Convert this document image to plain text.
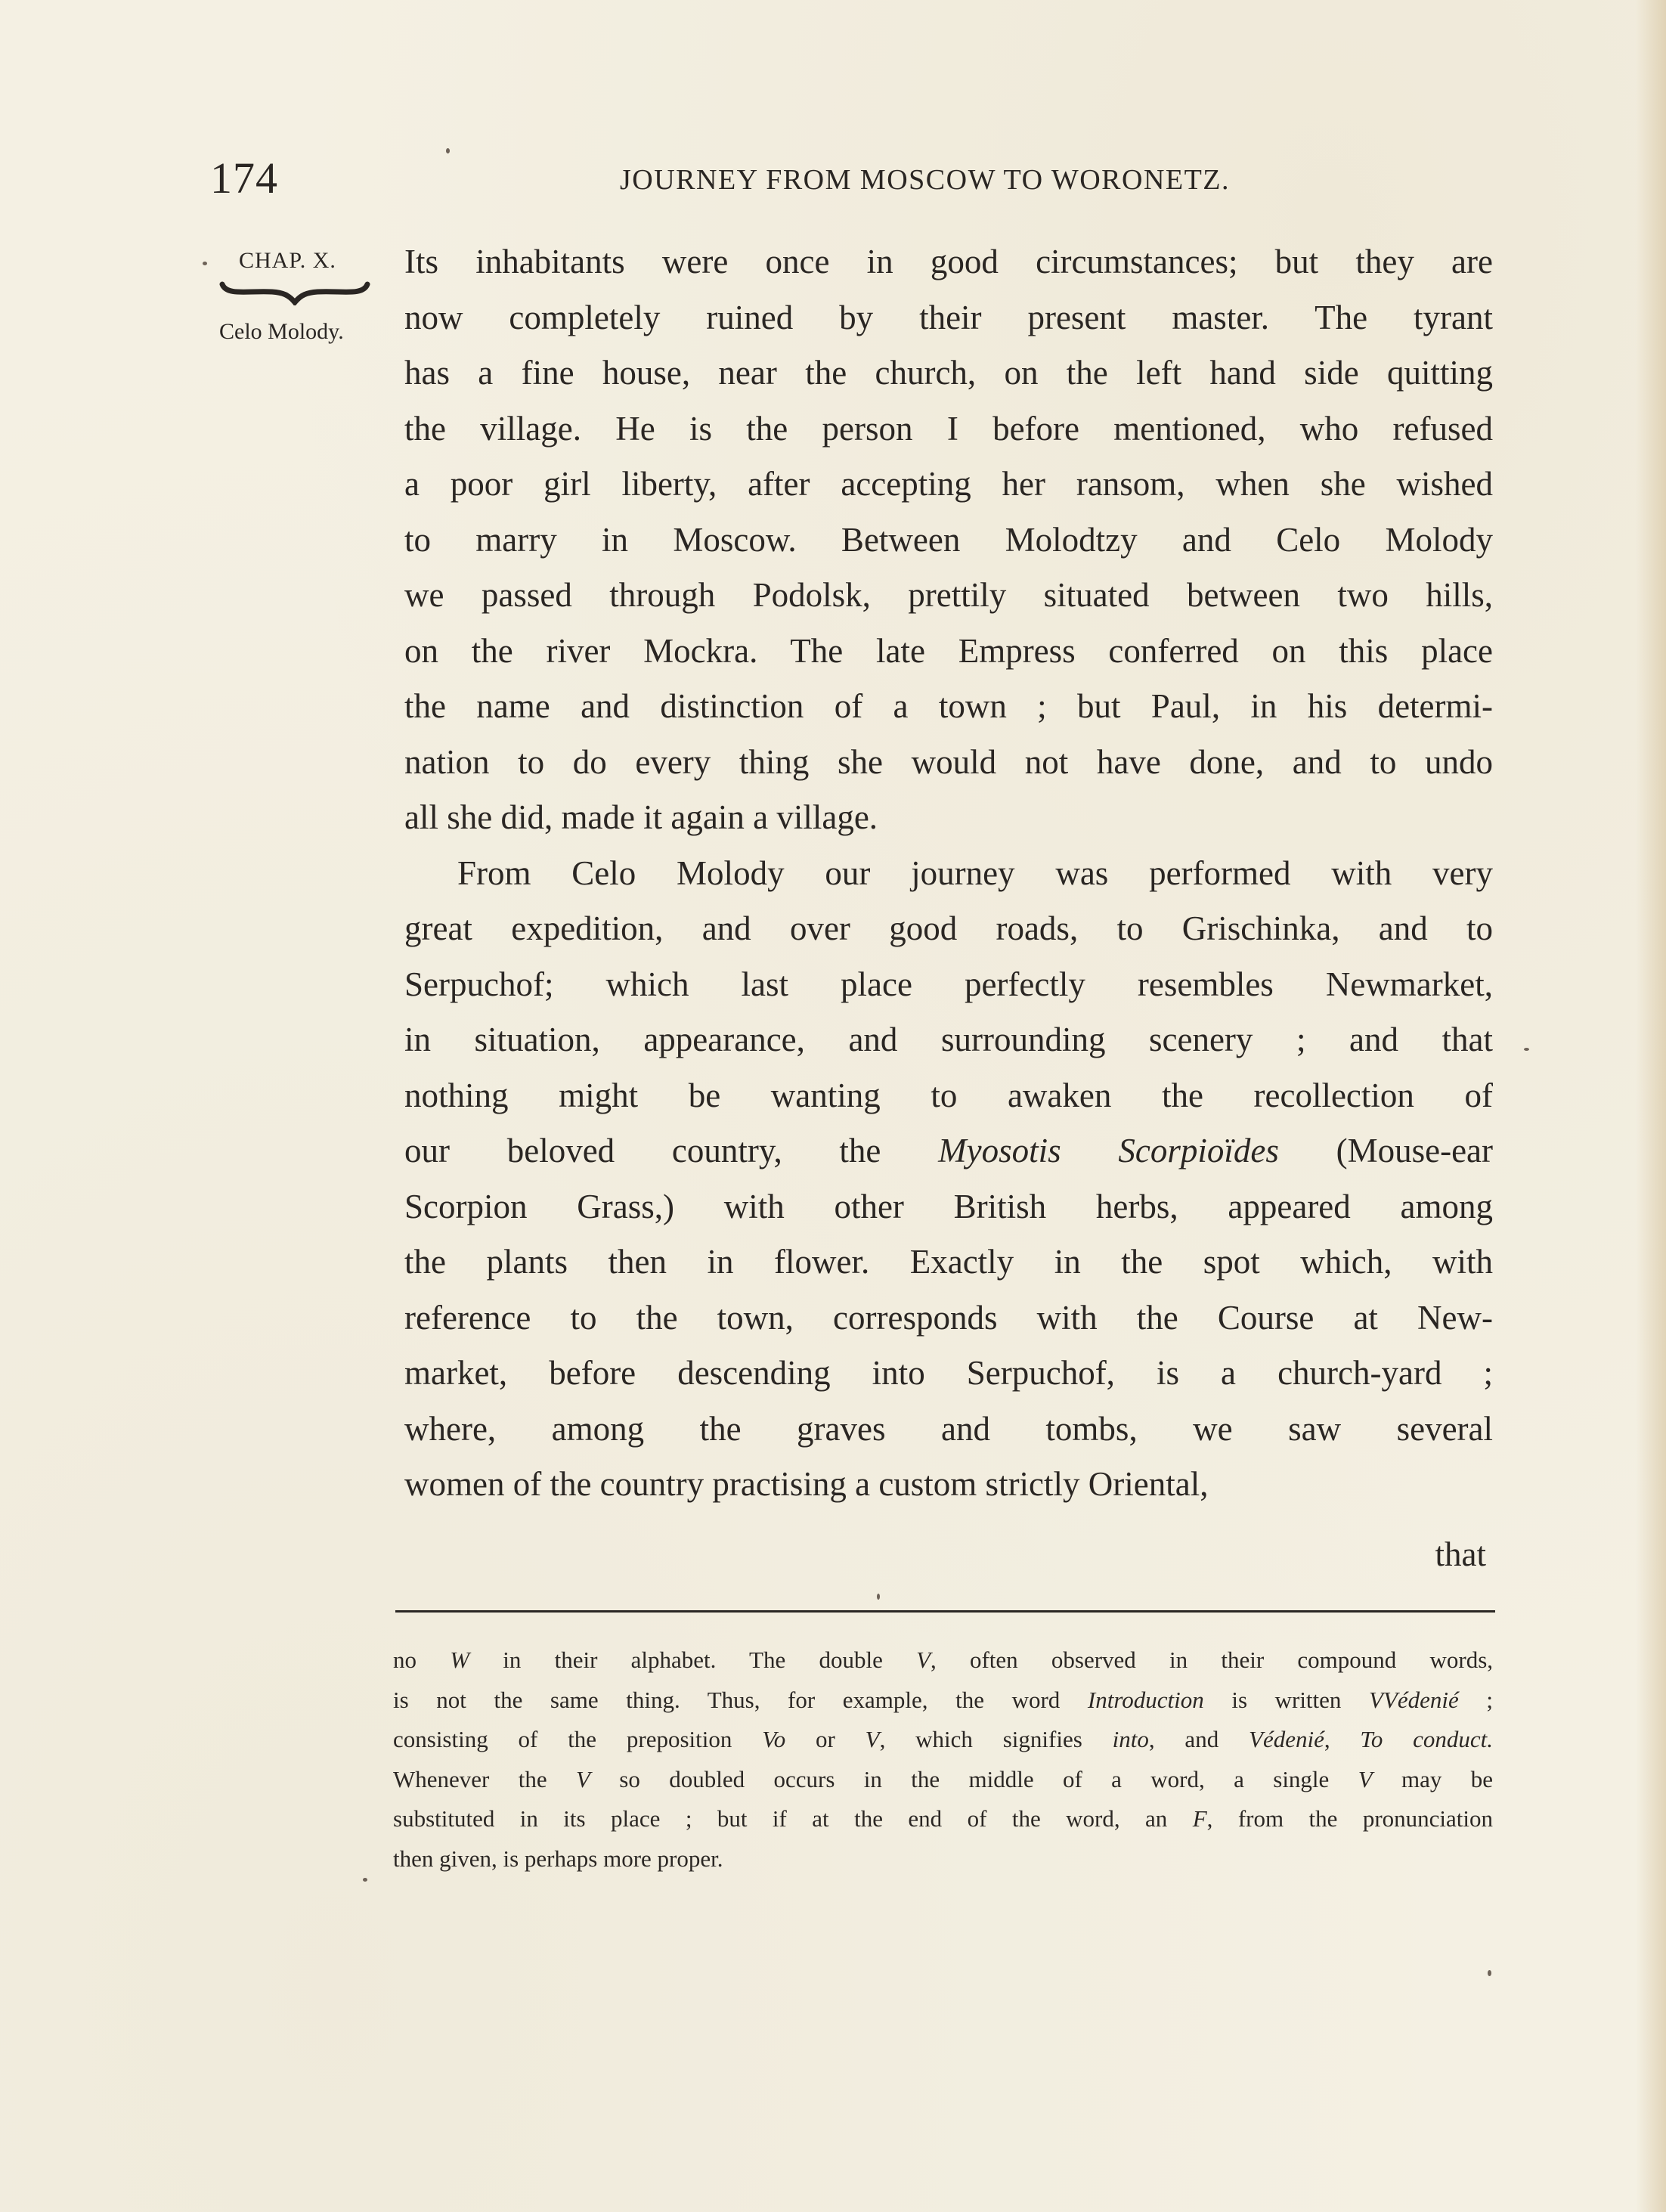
174	JOURNEY FROM MOSCOW TO WORONETZ.
CHAP. X.
Celo Molody.
Its inhabitants were once in good circumstances; but they are
now completely ruined by their present master. The tyrant
has a fine house, near the church, on the left hand side quitting
the village. He is the person I before mentioned, who refused
a poor girl liberty, after accepting her ransom, when she wished
to marry in Moscow. Between Molodtzy and Celo Molody
we passed through Podolsk, prettily situated between two hills,
on the river Mockra. The late Empress conferred on this place
the name and distinction of a town ; but Paul, in his determi-
nation to do every thing she would not have done, and to undo
all she did, made it again a village.
From Celo Molody our journey was performed with very
great expedition, and over good roads, to Grischinka, and to
Serpuchof; which last place perfectly resembles Newmarket,
in situation, appearance, and surrounding scenery ; and that
nothing might be wanting to awaken the recollection of
our beloved country, the Myosotis Scorpioïdes (Mouse-ear
Scorpion Grass,) with other British herbs, appeared among
the plants then in flower. Exactly in the spot which, with
reference to the town, corresponds with the Course at New-
market, before descending into Serpuchof, is a church-yard ;
where, among the graves and tombs, we saw several
women of the country practising a custom strictly Oriental,
that
no W in their alphabet. The double V, often observed in their compound words,
is not the same thing. Thus, for example, the word Introduction is written VVédenié ;
consisting of the preposition Vo or V, which signifies into, and Védenié, To conduct.
Whenever the V so doubled occurs in the middle of a word, a single V may be
substituted in its place ; but if at the end of the word, an F, from the pronunciation
then given, is perhaps more proper.
